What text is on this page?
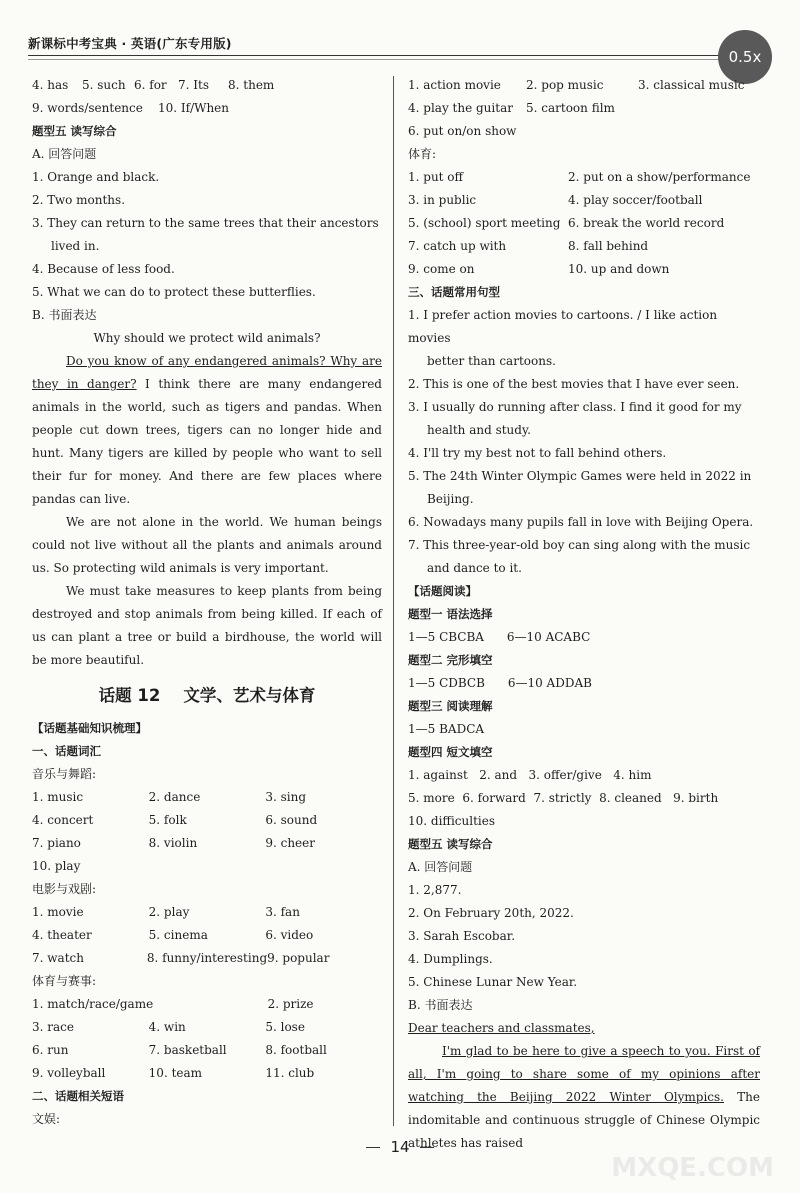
新课标中考宝典 · 英语(广东专用版)
0.5x
4. has	5. such 6. for 7. Its	8. them
9. words/sentence	10. If/When
题型五 读写综合
A. 回答问题
1. Orange and black.
2. Two months.
3. They can return to the same trees that their ancestors
lived in.
4. Because of less food.
5. What we can do to protect these butterflies.
B. 书面表达
Why should we protect wild animals?
Do you know of any endangered animals? Why are they in danger? I think there are many endangered animals in the world, such as tigers and pandas. When people cut down trees, tigers can no longer hide and hunt. Many tigers are killed by people who want to sell their fur for money. And there are few places where pandas can live.
We are not alone in the world. We human beings could not live without all the plants and animals around us. So protecting wild animals is very important.
We must take measures to keep plants from being destroyed and stop animals from being killed. If each of us can plant a tree or build a birdhouse, the world will be more beautiful.
话题 12    文学、艺术与体育
【话题基础知识梳理】
一、话题词汇
音乐与舞蹈:
1. music	2. dance	3. sing
4. concert	5. folk	6. sound
7. piano	8. violin	9. cheer
10. play
电影与戏剧:
1. movie	2. play	3. fan
4. theater	5. cinema	6. video
7. watch	8. funny/interesting 9. popular
体育与赛事:
1. match/race/game	2. prize
3. race	4. win	5. lose
6. run	7. basketball	8. football
9. volleyball	10. team	11. club
二、话题相关短语
文娱:
1. action movie	2. pop music	3. classical music
4. play the guitar	5. cartoon film
6. put on/on show
体育:
1. put off	2. put on a show/performance
3. in public	4. play soccer/football
5. (school) sport meeting 6. break the world record
7. catch up with	8. fall behind
9. come on	10. up and down
三、话题常用句型
1. I prefer action movies to cartoons. / I like action movies
better than cartoons.
2. This is one of the best movies that I have ever seen.
3. I usually do running after class. I find it good for my
health and study.
4. I'll try my best not to fall behind others.
5. The 24th Winter Olympic Games were held in 2022 in
Beijing.
6. Nowadays many pupils fall in love with Beijing Opera.
7. This three-year-old boy can sing along with the music
and dance to it.
【话题阅读】
题型一 语法选择
1—5 CBCBA      6—10 ACABC
题型二 完形填空
1—5 CDBCB      6—10 ADDAB
题型三 阅读理解
1—5 BADCA
题型四 短文填空
1. against   2. and   3. offer/give   4. him
5. more  6. forward  7. strictly  8. cleaned   9. birth
10. difficulties
题型五 读写综合
A. 回答问题
1. 2,877.
2. On February 20th, 2022.
3. Sarah Escobar.
4. Dumplings.
5. Chinese Lunar New Year.
B. 书面表达
Dear teachers and classmates,
I'm glad to be here to give a speech to you. First of all, I'm going to share some of my opinions after watching the Beijing 2022 Winter Olympics. The indomitable and continuous struggle of Chinese Olympic athletes has raised
14
MXQE.COM
